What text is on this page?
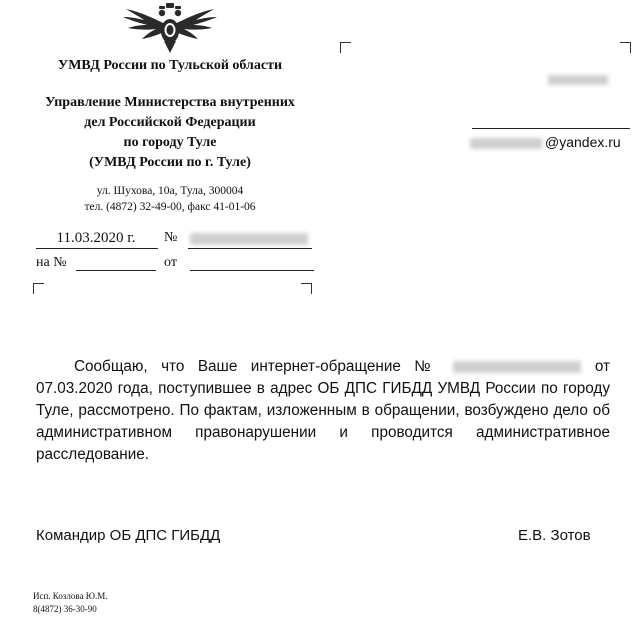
УМВД России по Тульской области
Управление Министерства внутренних
дел Российской Федерации
по городу Туле
(УМВД России по г. Туле)
ул. Шухова, 10а, Тула, 300004
тел. (4872) 32-49-00, факс 41-01-06
11.03.2020 г.	№
на №	от
@yandex.ru
Сообщаю, что Ваше интернет-обращение №	от 07.03.2020 года, поступившее в адрес ОБ ДПС ГИБДД УМВД России по городу Туле, рассмотрено. По фактам, изложенным в обращении, возбуждено дело об административном правонарушении и проводится административное расследование.
Командир ОБ ДПС ГИБДД	Е.В. Зотов
Исп. Козлова Ю.М.
8(4872) 36-30-90
